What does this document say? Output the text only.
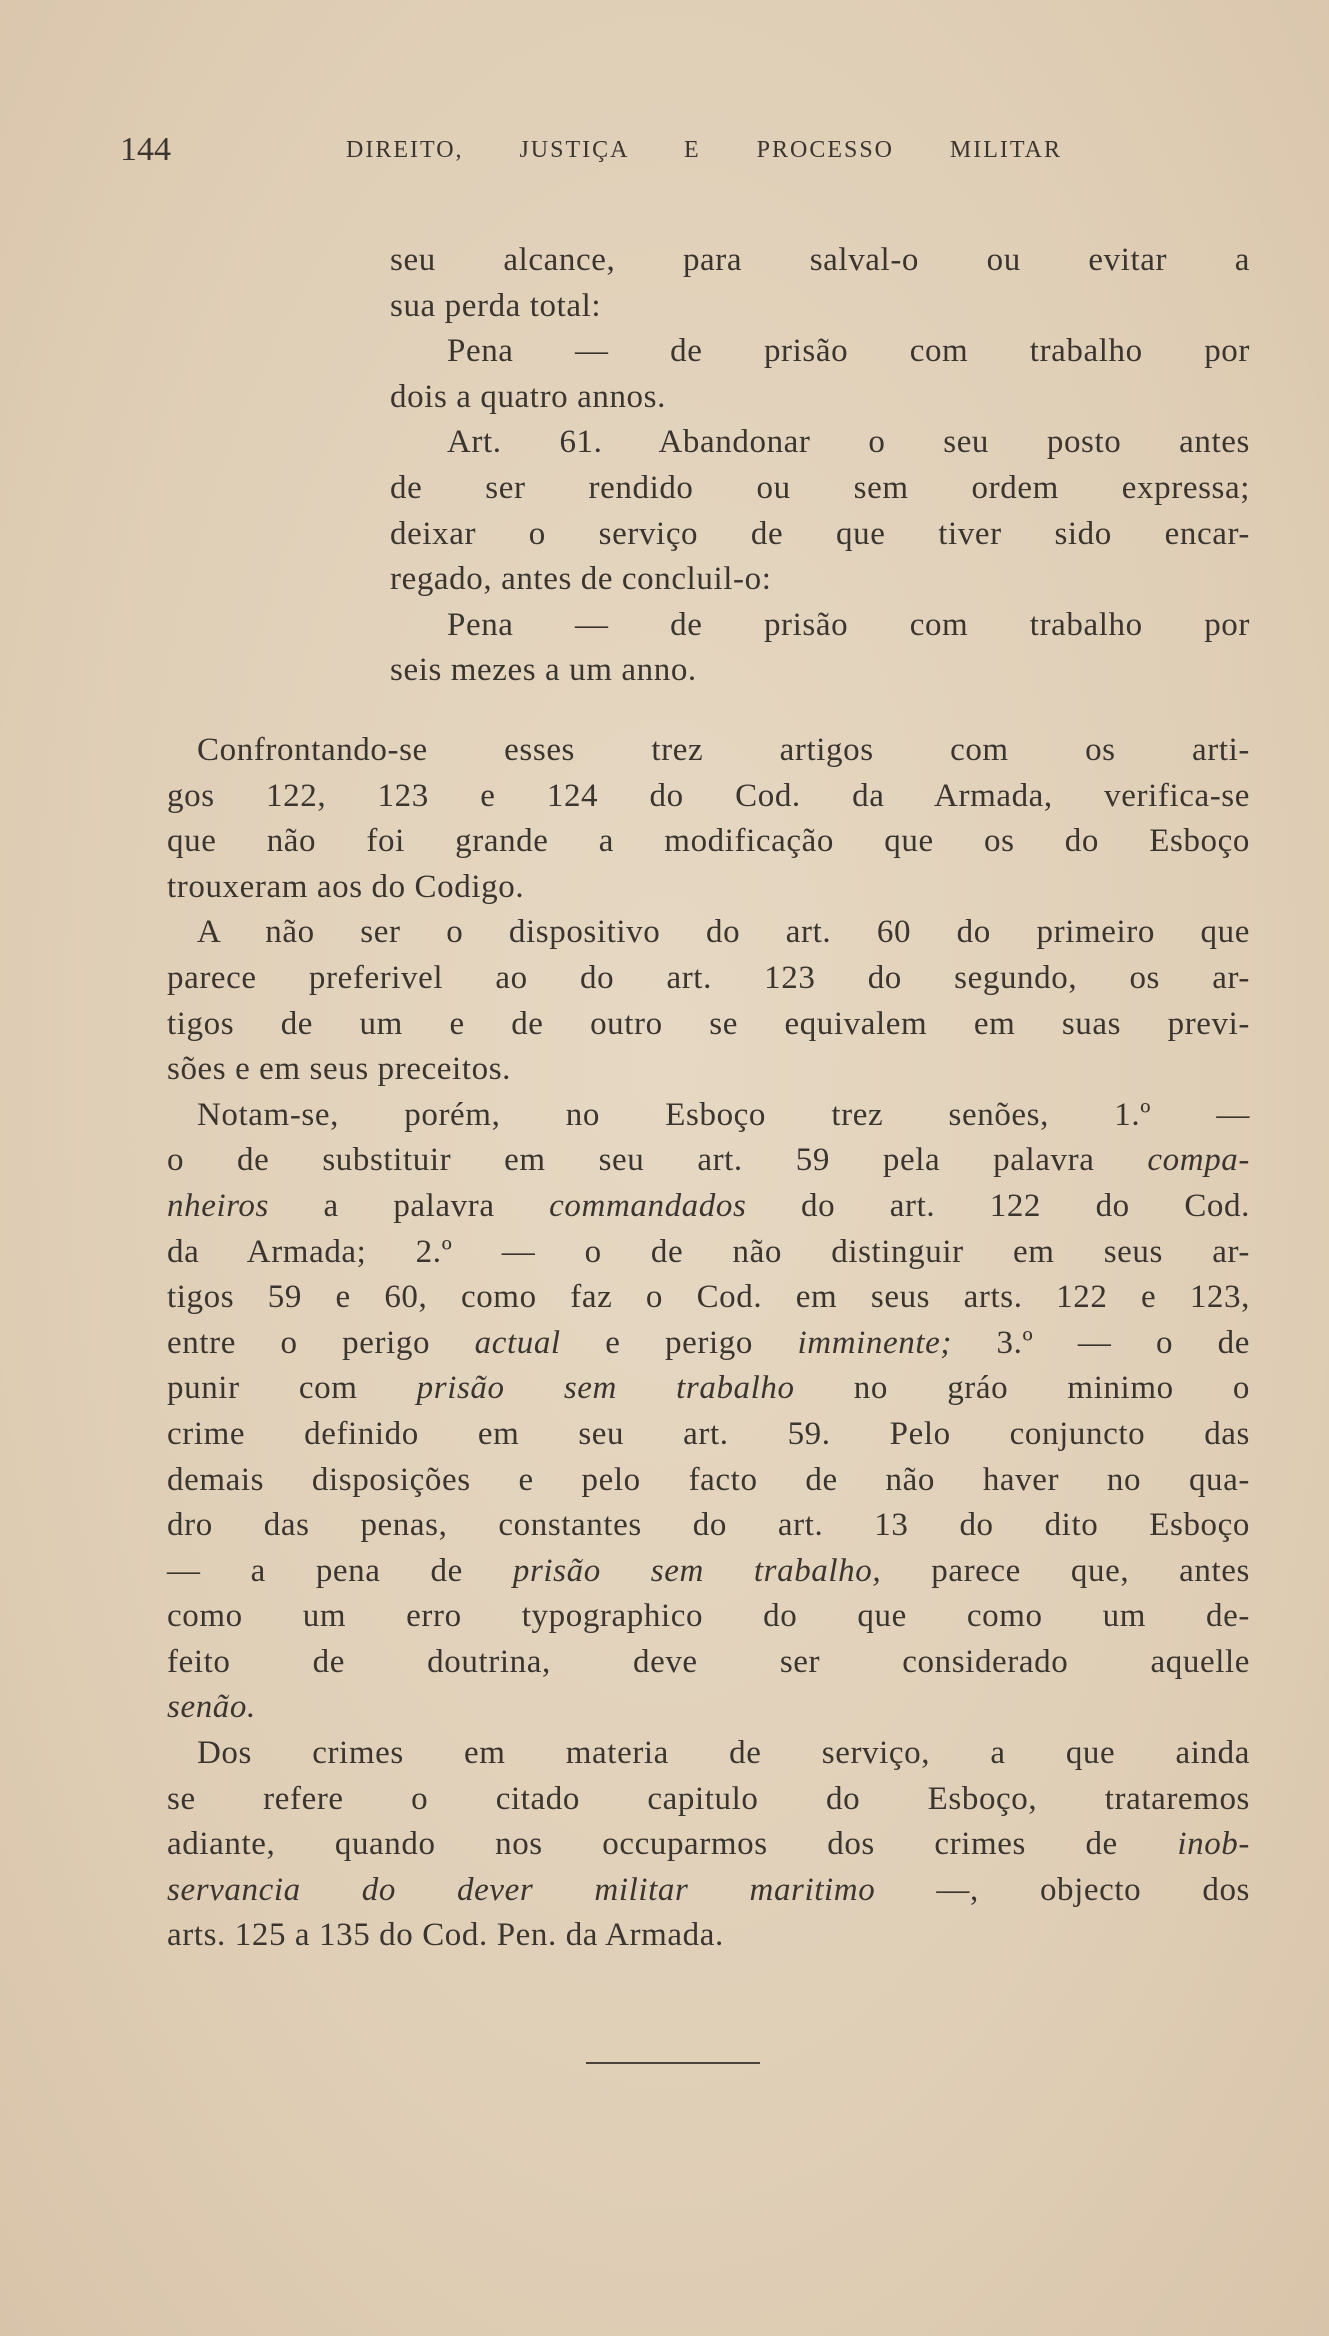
144	DIREITO, JUSTIÇA E PROCESSO MILITAR
seu alcance, para salval-o ou evitar a
sua perda total:
Pena — de prisão com trabalho por
dois a quatro annos.
Art. 61. Abandonar o seu posto antes
de ser rendido ou sem ordem expressa;
deixar o serviço de que tiver sido encar-
regado, antes de concluil-o:
Pena — de prisão com trabalho por
seis mezes a um anno.
Confrontando-se esses trez artigos com os arti-
gos 122, 123 e 124 do Cod. da Armada, verifica-se
que não foi grande a modificação que os do Esboço
trouxeram aos do Codigo.
A não ser o dispositivo do art. 60 do primeiro que
parece preferivel ao do art. 123 do segundo, os ar-
tigos de um e de outro se equivalem em suas previ-
sões e em seus preceitos.
Notam-se, porém, no Esboço trez senões, 1.º —
o de substituir em seu art. 59 pela palavra compa-
nheiros a palavra commandados do art. 122 do Cod.
da Armada; 2.º — o de não distinguir em seus ar-
tigos 59 e 60, como faz o Cod. em seus arts. 122 e 123,
entre o perigo actual e perigo imminente; 3.º — o de
punir com prisão sem trabalho no gráo minimo o
crime definido em seu art. 59. Pelo conjuncto das
demais disposições e pelo facto de não haver no qua-
dro das penas, constantes do art. 13 do dito Esboço
— a pena de prisão sem trabalho, parece que, antes
como um erro typographico do que como um de-
feito de doutrina, deve ser considerado aquelle
senão.
Dos crimes em materia de serviço, a que ainda
se refere o citado capitulo do Esboço, trataremos
adiante, quando nos occuparmos dos crimes de inob-
servancia do dever militar maritimo —, objecto dos
arts. 125 a 135 do Cod. Pen. da Armada.
